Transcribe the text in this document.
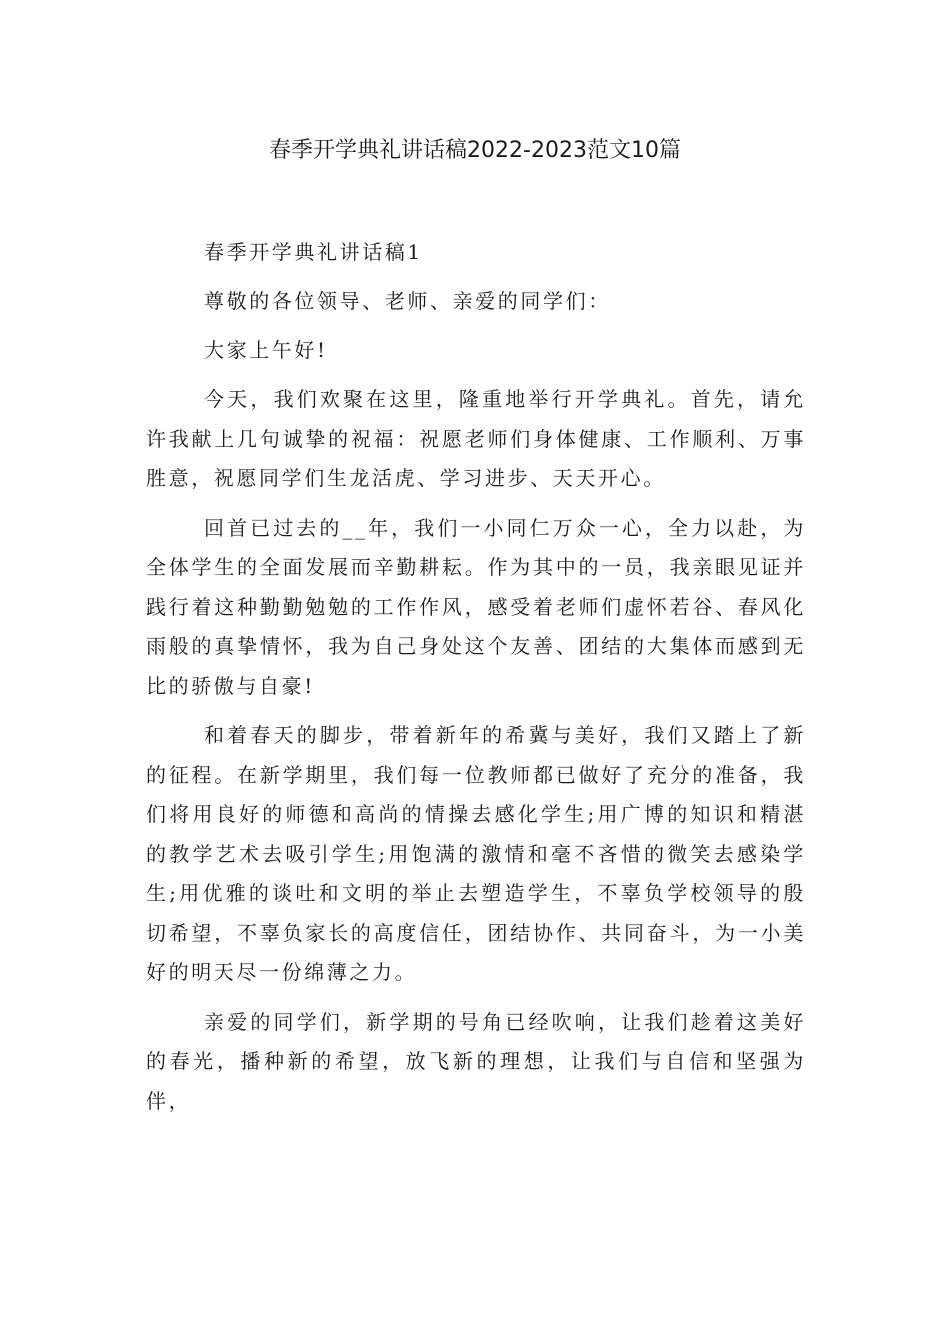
春季开学典礼讲话稿2022-2023范文10篇

春季开学典礼讲话稿1

尊敬的各位领导、老师、亲爱的同学们：

大家上午好!

今天，我们欢聚在这里，隆重地举行开学典礼。首先，请允许我献上几句诚挚的祝福：祝愿老师们身体健康、工作顺利、万事胜意，祝愿同学们生龙活虎、学习进步、天天开心。

回首已过去的__年，我们一小同仁万众一心，全力以赴，为全体学生的全面发展而辛勤耕耘。作为其中的一员，我亲眼见证并践行着这种勤勤勉勉的工作作风，感受着老师们虚怀若谷、春风化雨般的真挚情怀，我为自己身处这个友善、团结的大集体而感到无比的骄傲与自豪!

和着春天的脚步，带着新年的希冀与美好，我们又踏上了新的征程。在新学期里，我们每一位教师都已做好了充分的准备，我们将用良好的师德和高尚的情操去感化学生;用广博的知识和精湛的教学艺术去吸引学生;用饱满的激情和毫不吝惜的微笑去感染学生;用优雅的谈吐和文明的举止去塑造学生，不辜负学校领导的殷切希望，不辜负家长的高度信任，团结协作、共同奋斗，为一小美好的明天尽一份绵薄之力。

亲爱的同学们，新学期的号角已经吹响，让我们趁着这美好的春光，播种新的希望，放飞新的理想，让我们与自信和坚强为伴，
